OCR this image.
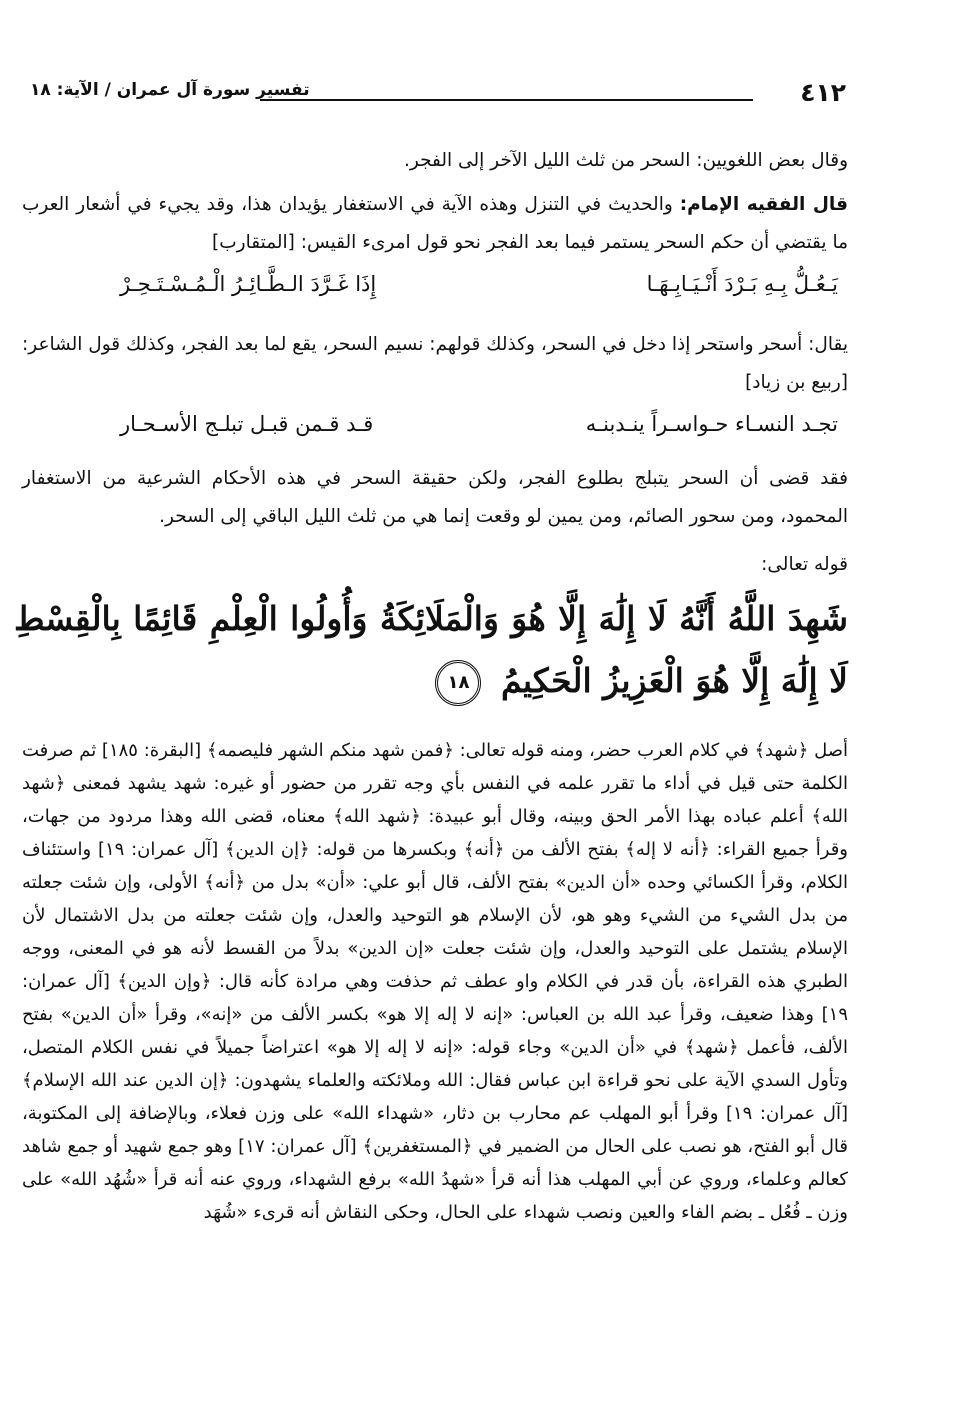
٤١٢
تفسير سورة آل عمران / الآية: ١٨
وقال بعض اللغويين: السحر من ثلث الليل الآخر إلى الفجر.
قال الفقيه الإمام: والحديث في التنزل وهذه الآية في الاستغفار يؤيدان هذا، وقد يجيء في أشعار العرب ما يقتضي أن حكم السحر يستمر فيما بعد الفجر نحو قول امرىء القيس: [المتقارب]
يَـعُـلُّ بِـهِ بَـرْدَ أَنْـيَـابِـهَـا
إِذَا غَـرَّدَ الـطَّـائِـرُ الْـمُـسْـتَـحِـرْ
يقال: أسحر واستحر إذا دخل في السحر، وكذلك قولهم: نسيم السحر، يقع لما بعد الفجر، وكذلك قول الشاعر: [ربيع بن زياد]
تجـد النسـاء حـواسـراً ينـدبنـه
قـد قـمن قبـل تبلـج الأسـحـار
فقد قضى أن السحر يتبلج بطلوع الفجر، ولكن حقيقة السحر في هذه الأحكام الشرعية من الاستغفار المحمود، ومن سحور الصائم، ومن يمين لو وقعت إنما هي من ثلث الليل الباقي إلى السحر.
قوله تعالى:
شَهِدَ اللَّهُ أَنَّهُ لَا إِلَٰهَ إِلَّا هُوَ وَالْمَلَائِكَةُ وَأُولُوا الْعِلْمِ قَائِمًا بِالْقِسْطِ لَا إِلَٰهَ إِلَّا هُوَ الْعَزِيزُ الْحَكِيمُ ١٨
أصل ﴿شهد﴾ في كلام العرب حضر، ومنه قوله تعالى: ﴿فمن شهد منكم الشهر فليصمه﴾ [البقرة: ١٨٥] ثم صرفت الكلمة حتى قيل في أداء ما تقرر علمه في النفس بأي وجه تقرر من حضور أو غيره: شهد يشهد فمعنى ﴿شهد الله﴾ أعلم عباده بهذا الأمر الحق وبينه، وقال أبو عبيدة: ﴿شهد الله﴾ معناه، قضى الله وهذا مردود من جهات، وقرأ جميع القراء: ﴿أنه لا إله﴾ بفتح الألف من ﴿أنه﴾ وبكسرها من قوله: ﴿إن الدين﴾ [آل عمران: ١٩] واستئناف الكلام، وقرأ الكسائي وحده «أن الدين» بفتح الألف، قال أبو علي: «أن» بدل من ﴿أنه﴾ الأولى، وإن شئت جعلته من بدل الشيء من الشيء وهو هو، لأن الإسلام هو التوحيد والعدل، وإن شئت جعلته من بدل الاشتمال لأن الإسلام يشتمل على التوحيد والعدل، وإن شئت جعلت «إن الدين» بدلاً من القسط لأنه هو في المعنى، ووجه الطبري هذه القراءة، بأن قدر في الكلام واو عطف ثم حذفت وهي مرادة كأنه قال: ﴿وإن الدين﴾ [آل عمران: ١٩] وهذا ضعيف، وقرأ عبد الله بن العباس: «إنه لا إله إلا هو» بكسر الألف من «إنه»، وقرأ «أن الدين» بفتح الألف، فأعمل ﴿شهد﴾ في «أن الدين» وجاء قوله: «إنه لا إله إلا هو» اعتراضاً جميلاً في نفس الكلام المتصل، وتأول السدي الآية على نحو قراءة ابن عباس فقال: الله وملائكته والعلماء يشهدون: ﴿إن الدين عند الله الإسلام﴾ [آل عمران: ١٩] وقرأ أبو المهلب عم محارب بن دثار، «شهداء الله» على وزن فعلاء، وبالإضافة إلى المكتوبة، قال أبو الفتح، هو نصب على الحال من الضمير في ﴿المستغفرين﴾ [آل عمران: ١٧] وهو جمع شهيد أو جمع شاهد كعالم وعلماء، وروي عن أبي المهلب هذا أنه قرأ «شهدُ الله» برفع الشهداء، وروي عنه أنه قرأ «شُهُد الله» على وزن ـ فُعُل ـ بضم الفاء والعين ونصب شهداء على الحال، وحكى النقاش أنه قرىء «شُهَد
